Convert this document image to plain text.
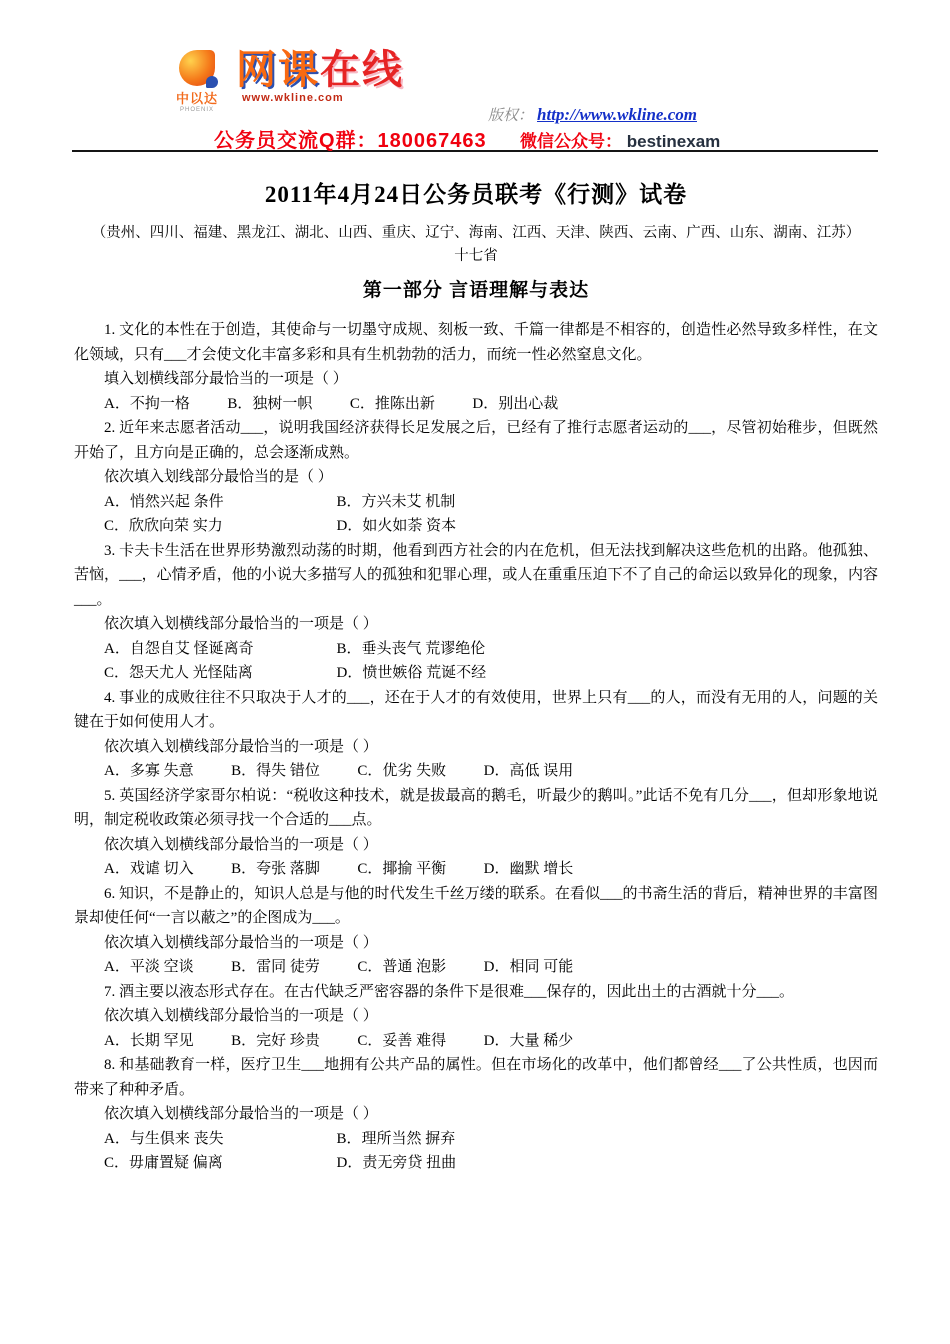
中以达
PHOENIX
网课在线
www.wkline.com
版权： http://www.wkline.com
公务员交流Q群：180067463 微信公众号： bestinexam
2011年4月24日公务员联考《行测》试卷

（贵州、四川、福建、黑龙江、湖北、山西、重庆、辽宁、海南、江西、天津、陕西、云南、广西、山东、湖南、江苏）

十七省

第一部分 言语理解与表达

1. 文化的本性在于创造，其使命与一切墨守成规、刻板一致、千篇一律都是不相容的，创造性必然导致多样性，在文化领域，只有___才会使文化丰富多彩和具有生机勃勃的活力，而统一性必然窒息文化。

填入划横线部分最恰当的一项是（ ）

A．不拘一格	B．独树一帜	C．推陈出新	D．别出心裁

2. 近年来志愿者活动___，说明我国经济获得长足发展之后，已经有了推行志愿者运动的___，尽管初始稚步，但既然开始了，且方向是正确的，总会逐渐成熟。

依次填入划线部分最恰当的是（ ）

A．悄然兴起 条件	B．方兴未艾 机制

C．欣欣向荣 实力	D．如火如荼 资本

3. 卡夫卡生活在世界形势激烈动荡的时期，他看到西方社会的内在危机，但无法找到解决这些危机的出路。他孤独、苦恼，___，心情矛盾，他的小说大多描写人的孤独和犯罪心理，或人在重重压迫下不了自己的命运以致异化的现象，内容___。

依次填入划横线部分最恰当的一项是（ ）

A．自怨自艾 怪诞离奇	B．垂头丧气 荒谬绝伦

C．怨天尤人 光怪陆离	D．愤世嫉俗 荒诞不经

4. 事业的成败往往不只取决于人才的___，还在于人才的有效使用，世界上只有___的人，而没有无用的人，问题的关键在于如何使用人才。

依次填入划横线部分最恰当的一项是（ ）

A．多寡 失意	B．得失 错位	C．优劣 失败	D．高低 误用

5. 英国经济学家哥尔柏说：“税收这种技术，就是拔最高的鹅毛，听最少的鹅叫。”此话不免有几分___，但却形象地说明，制定税收政策必须寻找一个合适的___点。

依次填入划横线部分最恰当的一项是（ ）

A．戏谑 切入	B．夸张 落脚	C．揶揄 平衡	D．幽默 增长

6. 知识，不是静止的，知识人总是与他的时代发生千丝万缕的联系。在看似___的书斋生活的背后，精神世界的丰富图景却使任何“一言以蔽之”的企图成为___。

依次填入划横线部分最恰当的一项是（ ）

A．平淡 空谈	B．雷同 徒劳	C．普通 泡影	D．相同 可能

7. 酒主要以液态形式存在。在古代缺乏严密容器的条件下是很难___保存的，因此出土的古酒就十分___。

依次填入划横线部分最恰当的一项是（ ）

A．长期 罕见	B．完好 珍贵	C．妥善 难得	D．大量 稀少

8. 和基础教育一样，医疗卫生___地拥有公共产品的属性。但在市场化的改革中，他们都曾经___了公共性质，也因而带来了种种矛盾。

依次填入划横线部分最恰当的一项是（ ）

A．与生俱来 丧失	B．理所当然 摒弃

C．毋庸置疑 偏离	D．责无旁贷 扭曲
